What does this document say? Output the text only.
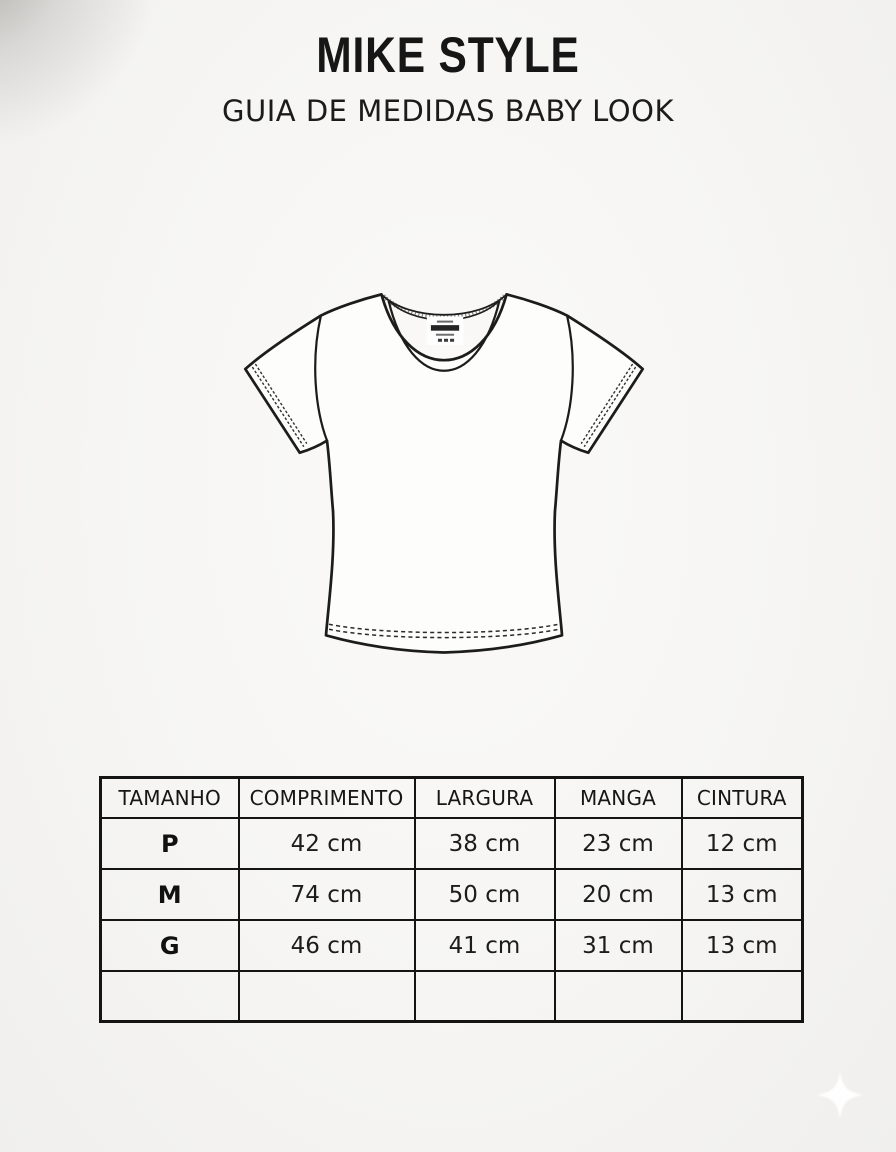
MIKE STYLE
GUIA DE MEDIDAS BABY LOOK
TAMANHO	COMPRIMENTO	LARGURA	MANGA	CINTURA
P	42 cm	38 cm	23 cm	12 cm
M	74 cm	50 cm	20 cm	13 cm
G	46 cm	41 cm	31 cm	13 cm
